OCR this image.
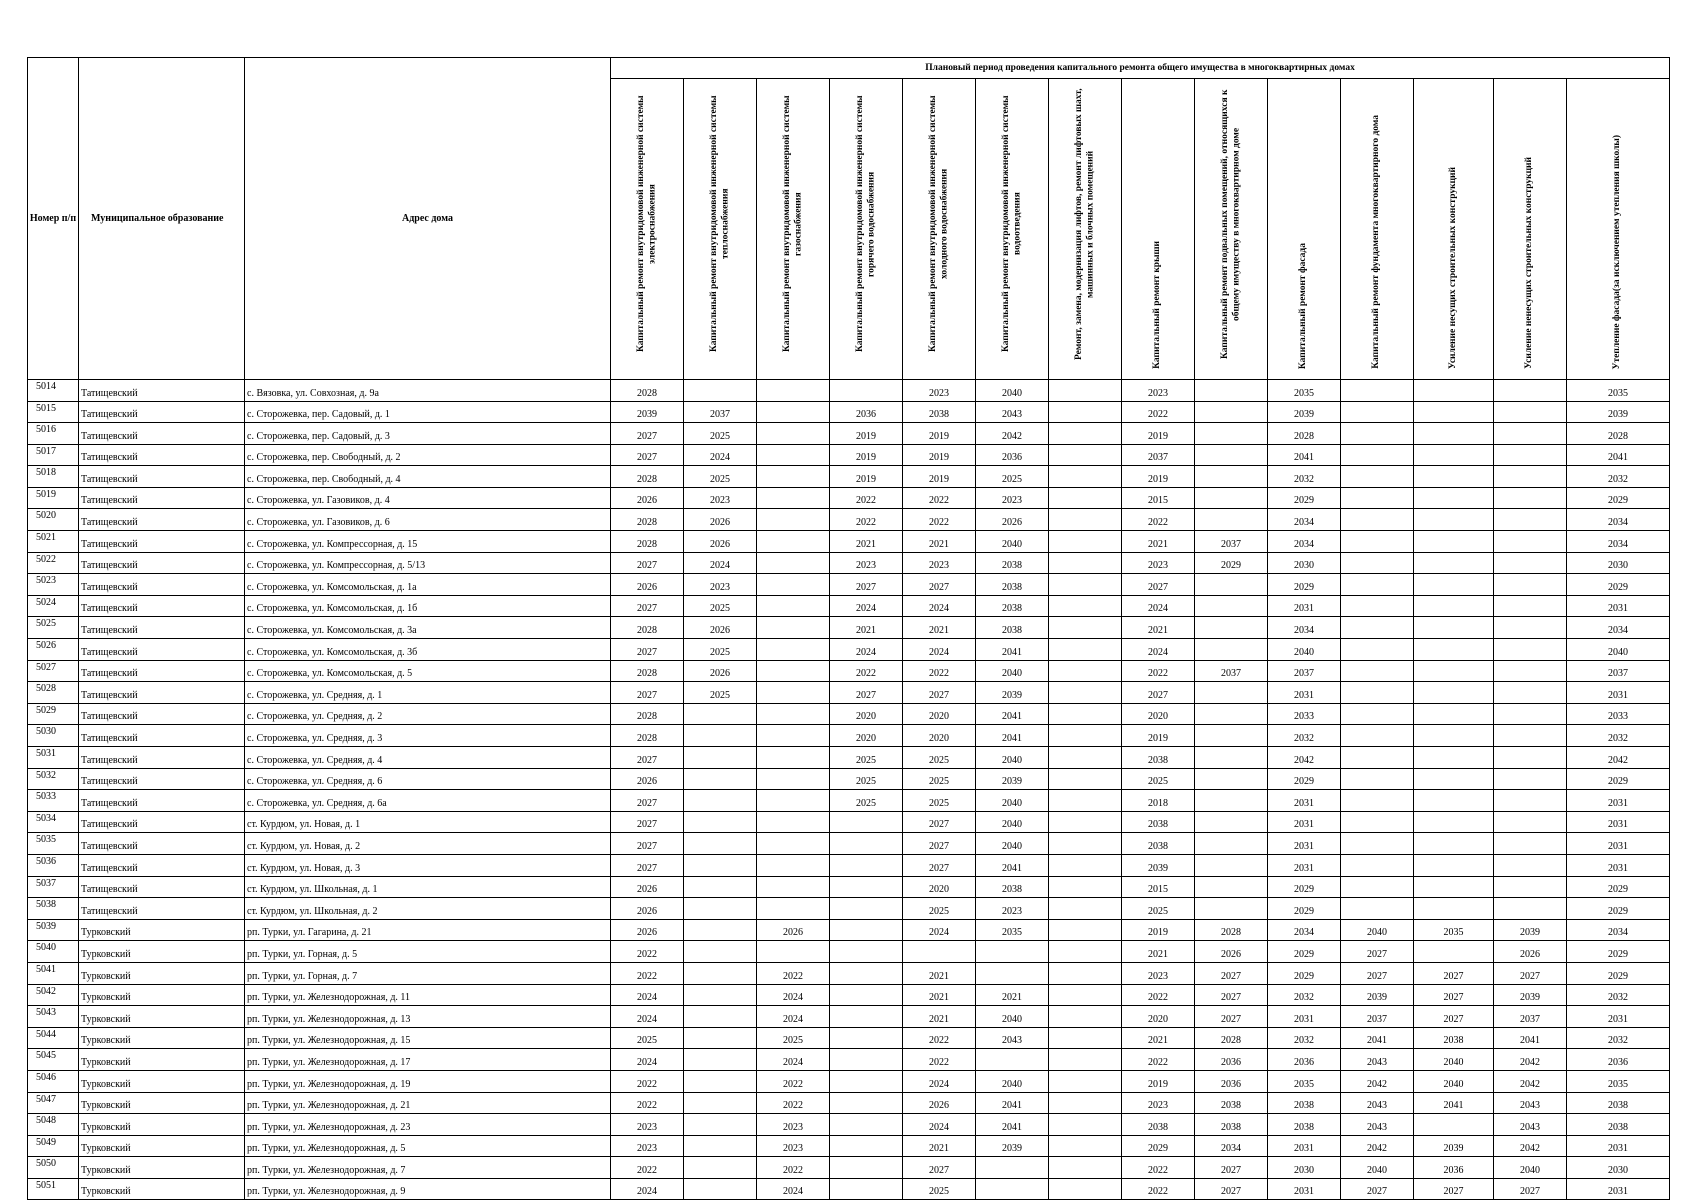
Номер п/п	Муниципальное образование	Адрес дома	Плановый период проведения капитального ремонта общего имущества в многоквартирных домах													
			Капитальный ремонт внутридомовой инженерной системы электроснабжения	Капитальный ремонт внутридомовой инженерной системы теплоснабжения	Капитальный ремонт внутридомовой инженерной системы газоснабжения	Капитальный ремонт внутридомовой инженерной системы горячего водоснабжения	Капитальный ремонт внутридомовой инженерной системы холодного водоснабжения	Капитальный ремонт внутридомовой инженерной системы водоотведения	Ремонт, замена, модернизация лифтов, ремонт лифтовых шахт, машинных и блочных помещений	Капитальный ремонт крыши	Капитальный ремонт подвальных помещений, относящихся к общему имуществу в многоквартирном доме	Капитальный ремонт фасада	Капитальный ремонт фундамента многоквартирного дома	Усиление несущих строительных конструкций	Усиление ненесущих строительных конструкций	Утепление фасада(за исключением утепления школы)
5014	Татищевский	с. Вязовка, ул. Совхозная, д. 9а	2028				2023	2040		2023		2035				2035
5015	Татищевский	с. Сторожевка, пер. Садовый, д. 1	2039	2037		2036	2038	2043		2022		2039				2039
5016	Татищевский	с. Сторожевка, пер. Садовый, д. 3	2027	2025		2019	2019	2042		2019		2028				2028
5017	Татищевский	с. Сторожевка, пер. Свободный, д. 2	2027	2024		2019	2019	2036		2037		2041				2041
5018	Татищевский	с. Сторожевка, пер. Свободный, д. 4	2028	2025		2019	2019	2025		2019		2032				2032
5019	Татищевский	с. Сторожевка, ул. Газовиков, д. 4	2026	2023		2022	2022	2023		2015		2029				2029
5020	Татищевский	с. Сторожевка, ул. Газовиков, д. 6	2028	2026		2022	2022	2026		2022		2034				2034
5021	Татищевский	с. Сторожевка, ул. Компрессорная, д. 15	2028	2026		2021	2021	2040		2021	2037	2034				2034
5022	Татищевский	с. Сторожевка, ул. Компрессорная, д. 5/13	2027	2024		2023	2023	2038		2023	2029	2030				2030
5023	Татищевский	с. Сторожевка, ул. Комсомольская, д. 1а	2026	2023		2027	2027	2038		2027		2029				2029
5024	Татищевский	с. Сторожевка, ул. Комсомольская, д. 1б	2027	2025		2024	2024	2038		2024		2031				2031
5025	Татищевский	с. Сторожевка, ул. Комсомольская, д. 3а	2028	2026		2021	2021	2038		2021		2034				2034
5026	Татищевский	с. Сторожевка, ул. Комсомольская, д. 3б	2027	2025		2024	2024	2041		2024		2040				2040
5027	Татищевский	с. Сторожевка, ул. Комсомольская, д. 5	2028	2026		2022	2022	2040		2022	2037	2037				2037
5028	Татищевский	с. Сторожевка, ул. Средняя, д. 1	2027	2025		2027	2027	2039		2027		2031				2031
5029	Татищевский	с. Сторожевка, ул. Средняя, д. 2	2028			2020	2020	2041		2020		2033				2033
5030	Татищевский	с. Сторожевка, ул. Средняя, д. 3	2028			2020	2020	2041		2019		2032				2032
5031	Татищевский	с. Сторожевка, ул. Средняя, д. 4	2027			2025	2025	2040		2038		2042				2042
5032	Татищевский	с. Сторожевка, ул. Средняя, д. 6	2026			2025	2025	2039		2025		2029				2029
5033	Татищевский	с. Сторожевка, ул. Средняя, д. 6а	2027			2025	2025	2040		2018		2031				2031
5034	Татищевский	ст. Курдюм, ул. Новая, д. 1	2027				2027	2040		2038		2031				2031
5035	Татищевский	ст. Курдюм, ул. Новая, д. 2	2027				2027	2040		2038		2031				2031
5036	Татищевский	ст. Курдюм, ул. Новая, д. 3	2027				2027	2041		2039		2031				2031
5037	Татищевский	ст. Курдюм, ул. Школьная, д. 1	2026				2020	2038		2015		2029				2029
5038	Татищевский	ст. Курдюм, ул. Школьная, д. 2	2026				2025	2023		2025		2029				2029
5039	Турковский	рп. Турки, ул. Гагарина, д. 21	2026		2026		2024	2035		2019	2028	2034	2040	2035	2039	2034
5040	Турковский	рп. Турки, ул. Горная, д. 5	2022							2021	2026	2029	2027		2026	2029
5041	Турковский	рп. Турки, ул. Горная, д. 7	2022		2022		2021			2023	2027	2029	2027	2027	2027	2029
5042	Турковский	рп. Турки, ул. Железнодорожная, д. 11	2024		2024		2021	2021		2022	2027	2032	2039	2027	2039	2032
5043	Турковский	рп. Турки, ул. Железнодорожная, д. 13	2024		2024		2021	2040		2020	2027	2031	2037	2027	2037	2031
5044	Турковский	рп. Турки, ул. Железнодорожная, д. 15	2025		2025		2022	2043		2021	2028	2032	2041	2038	2041	2032
5045	Турковский	рп. Турки, ул. Железнодорожная, д. 17	2024		2024		2022			2022	2036	2036	2043	2040	2042	2036
5046	Турковский	рп. Турки, ул. Железнодорожная, д. 19	2022		2022		2024	2040		2019	2036	2035	2042	2040	2042	2035
5047	Турковский	рп. Турки, ул. Железнодорожная, д. 21	2022		2022		2026	2041		2023	2038	2038	2043	2041	2043	2038
5048	Турковский	рп. Турки, ул. Железнодорожная, д. 23	2023		2023		2024	2041		2038	2038	2038	2043		2043	2038
5049	Турковский	рп. Турки, ул. Железнодорожная, д. 5	2023		2023		2021	2039		2029	2034	2031	2042	2039	2042	2031
5050	Турковский	рп. Турки, ул. Железнодорожная, д. 7	2022		2022		2027			2022	2027	2030	2040	2036	2040	2030
5051	Турковский	рп. Турки, ул. Железнодорожная, д. 9	2024		2024		2025			2022	2027	2031	2027	2027	2027	2031
